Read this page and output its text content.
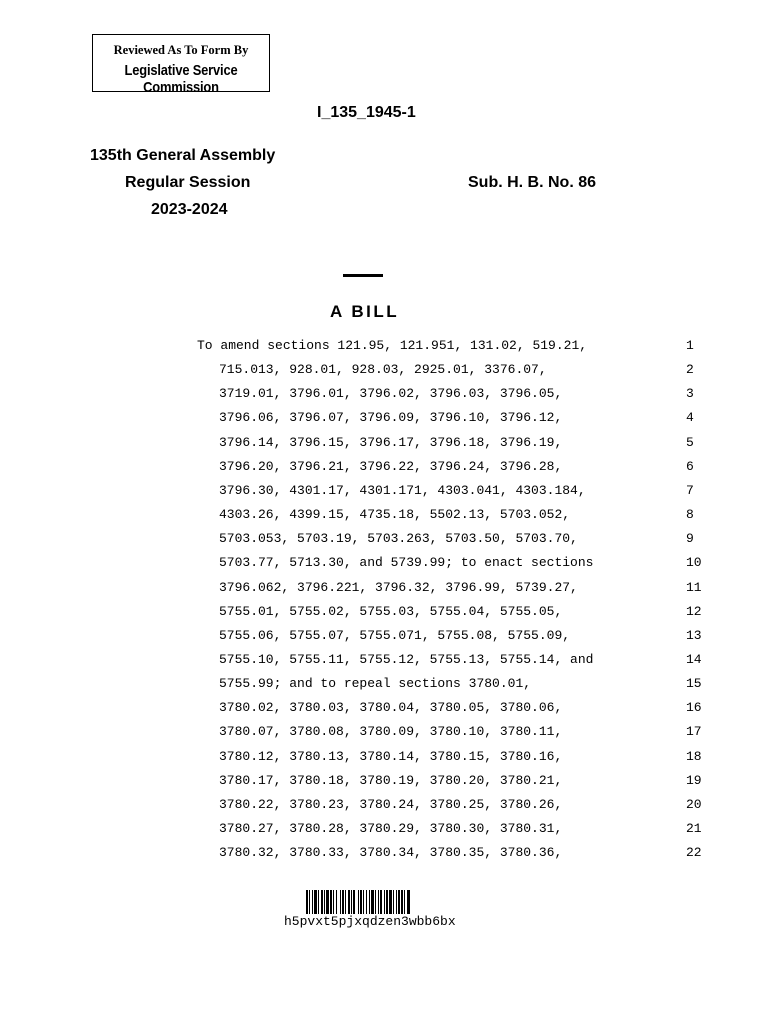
Reviewed As To Form By
Legislative Service Commission
I_135_1945-1
135th General Assembly
Regular Session
2023-2024
Sub. H. B. No. 86
A BILL
To amend sections 121.95, 121.951, 131.02, 519.21,	1
715.013, 928.01, 928.03, 2925.01, 3376.07,	2
3719.01, 3796.01, 3796.02, 3796.03, 3796.05,	3
3796.06, 3796.07, 3796.09, 3796.10, 3796.12,	4
3796.14, 3796.15, 3796.17, 3796.18, 3796.19,	5
3796.20, 3796.21, 3796.22, 3796.24, 3796.28,	6
3796.30, 4301.17, 4301.171, 4303.041, 4303.184,	7
4303.26, 4399.15, 4735.18, 5502.13, 5703.052,	8
5703.053, 5703.19, 5703.263, 5703.50, 5703.70,	9
5703.77, 5713.30, and 5739.99; to enact sections	10
3796.062, 3796.221, 3796.32, 3796.99, 5739.27,	11
5755.01, 5755.02, 5755.03, 5755.04, 5755.05,	12
5755.06, 5755.07, 5755.071, 5755.08, 5755.09,	13
5755.10, 5755.11, 5755.12, 5755.13, 5755.14, and	14
5755.99; and to repeal sections 3780.01,	15
3780.02, 3780.03, 3780.04, 3780.05, 3780.06,	16
3780.07, 3780.08, 3780.09, 3780.10, 3780.11,	17
3780.12, 3780.13, 3780.14, 3780.15, 3780.16,	18
3780.17, 3780.18, 3780.19, 3780.20, 3780.21,	19
3780.22, 3780.23, 3780.24, 3780.25, 3780.26,	20
3780.27, 3780.28, 3780.29, 3780.30, 3780.31,	21
3780.32, 3780.33, 3780.34, 3780.35, 3780.36,	22
h5pvxt5pjxqdzen3wbb6bx
